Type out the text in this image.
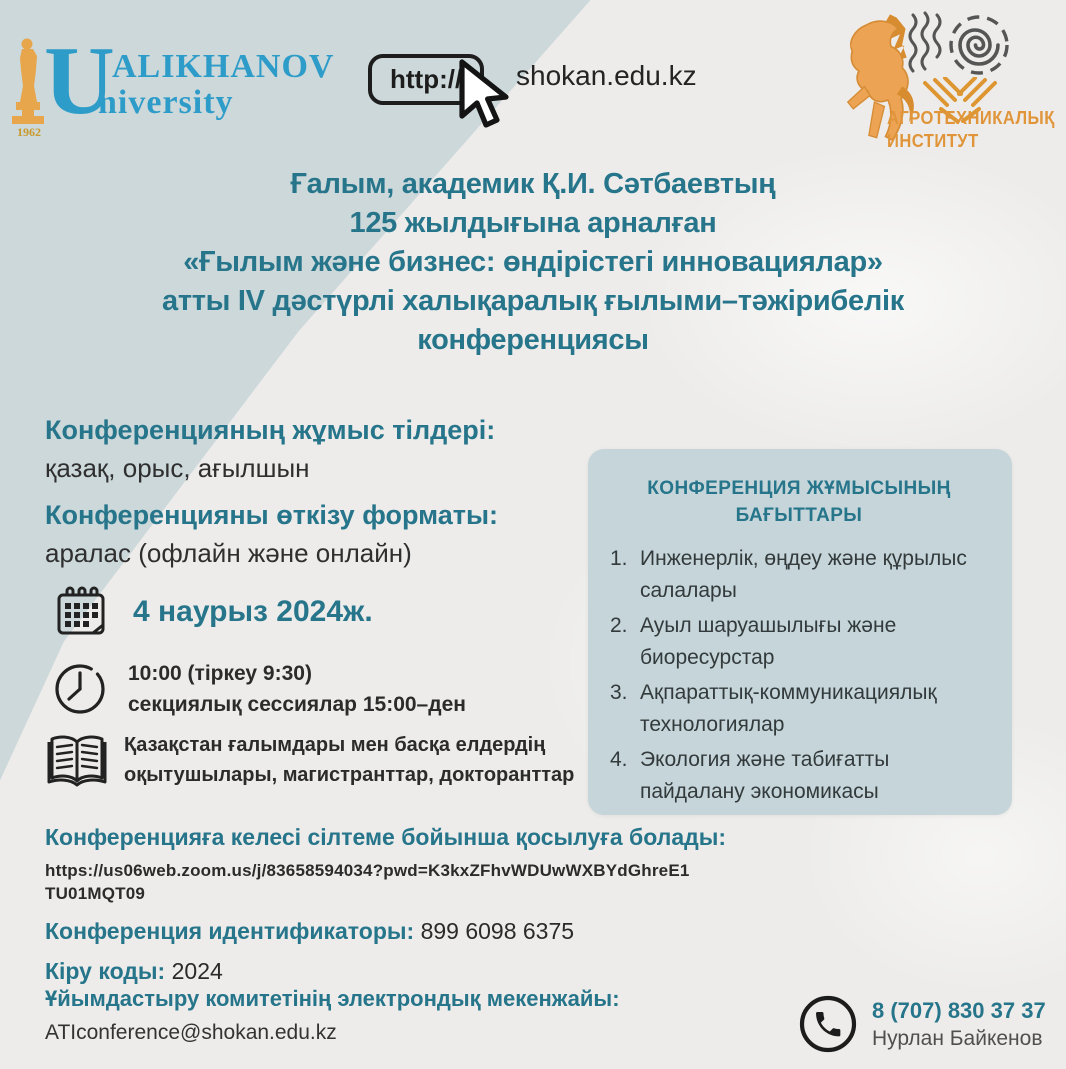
1962 U
ALIKHANOV
niversity
http://	shokan.edu.kz
АГРОТЕХНИКАЛЫҚ
ИНСТИТУТ
Ғалым, академик Қ.И. Сәтбаевтың
125 жылдығына арналған
«Ғылым және бизнес: өндірістегі инновациялар»
атты IV дәстүрлі халықаралық ғылыми–тәжірибелік
конференциясы
Конференцияның жұмыс тілдері:
қазақ, орыс, ағылшын
Конференцияны өткізу форматы:
аралас (офлайн және онлайн)
4 наурыз 2024ж.
10:00 (тіркеу 9:30)
секциялық сессиялар 15:00–ден
Қазақстан ғалымдары мен басқа елдердің
оқытушылары, магистранттар, докторанттар
КОНФЕРЕНЦИЯ ЖҰМЫСЫНЫҢ
БАҒЫТТАРЫ
1. Инженерлік, өңдеу және құрылыс салалары
2. Ауыл шаруашылығы және биоресурстар
3. Ақпараттық-коммуникациялық технологиялар
4. Экология және табиғатты пайдалану экономикасы
Конференцияға келесі сілтеме бойынша қосылуға болады:
https://us06web.zoom.us/j/83658594034?pwd=K3kxZFhvWDUwWXBYdGhreE1
TU01MQT09
Конференция идентификаторы: 899 6098 6375
Кіру коды: 2024
Ұйымдастыру комитетінің электрондық мекенжайы:
ATIconference@shokan.edu.kz
8 (707) 830 37 37
Нурлан Байкенов
